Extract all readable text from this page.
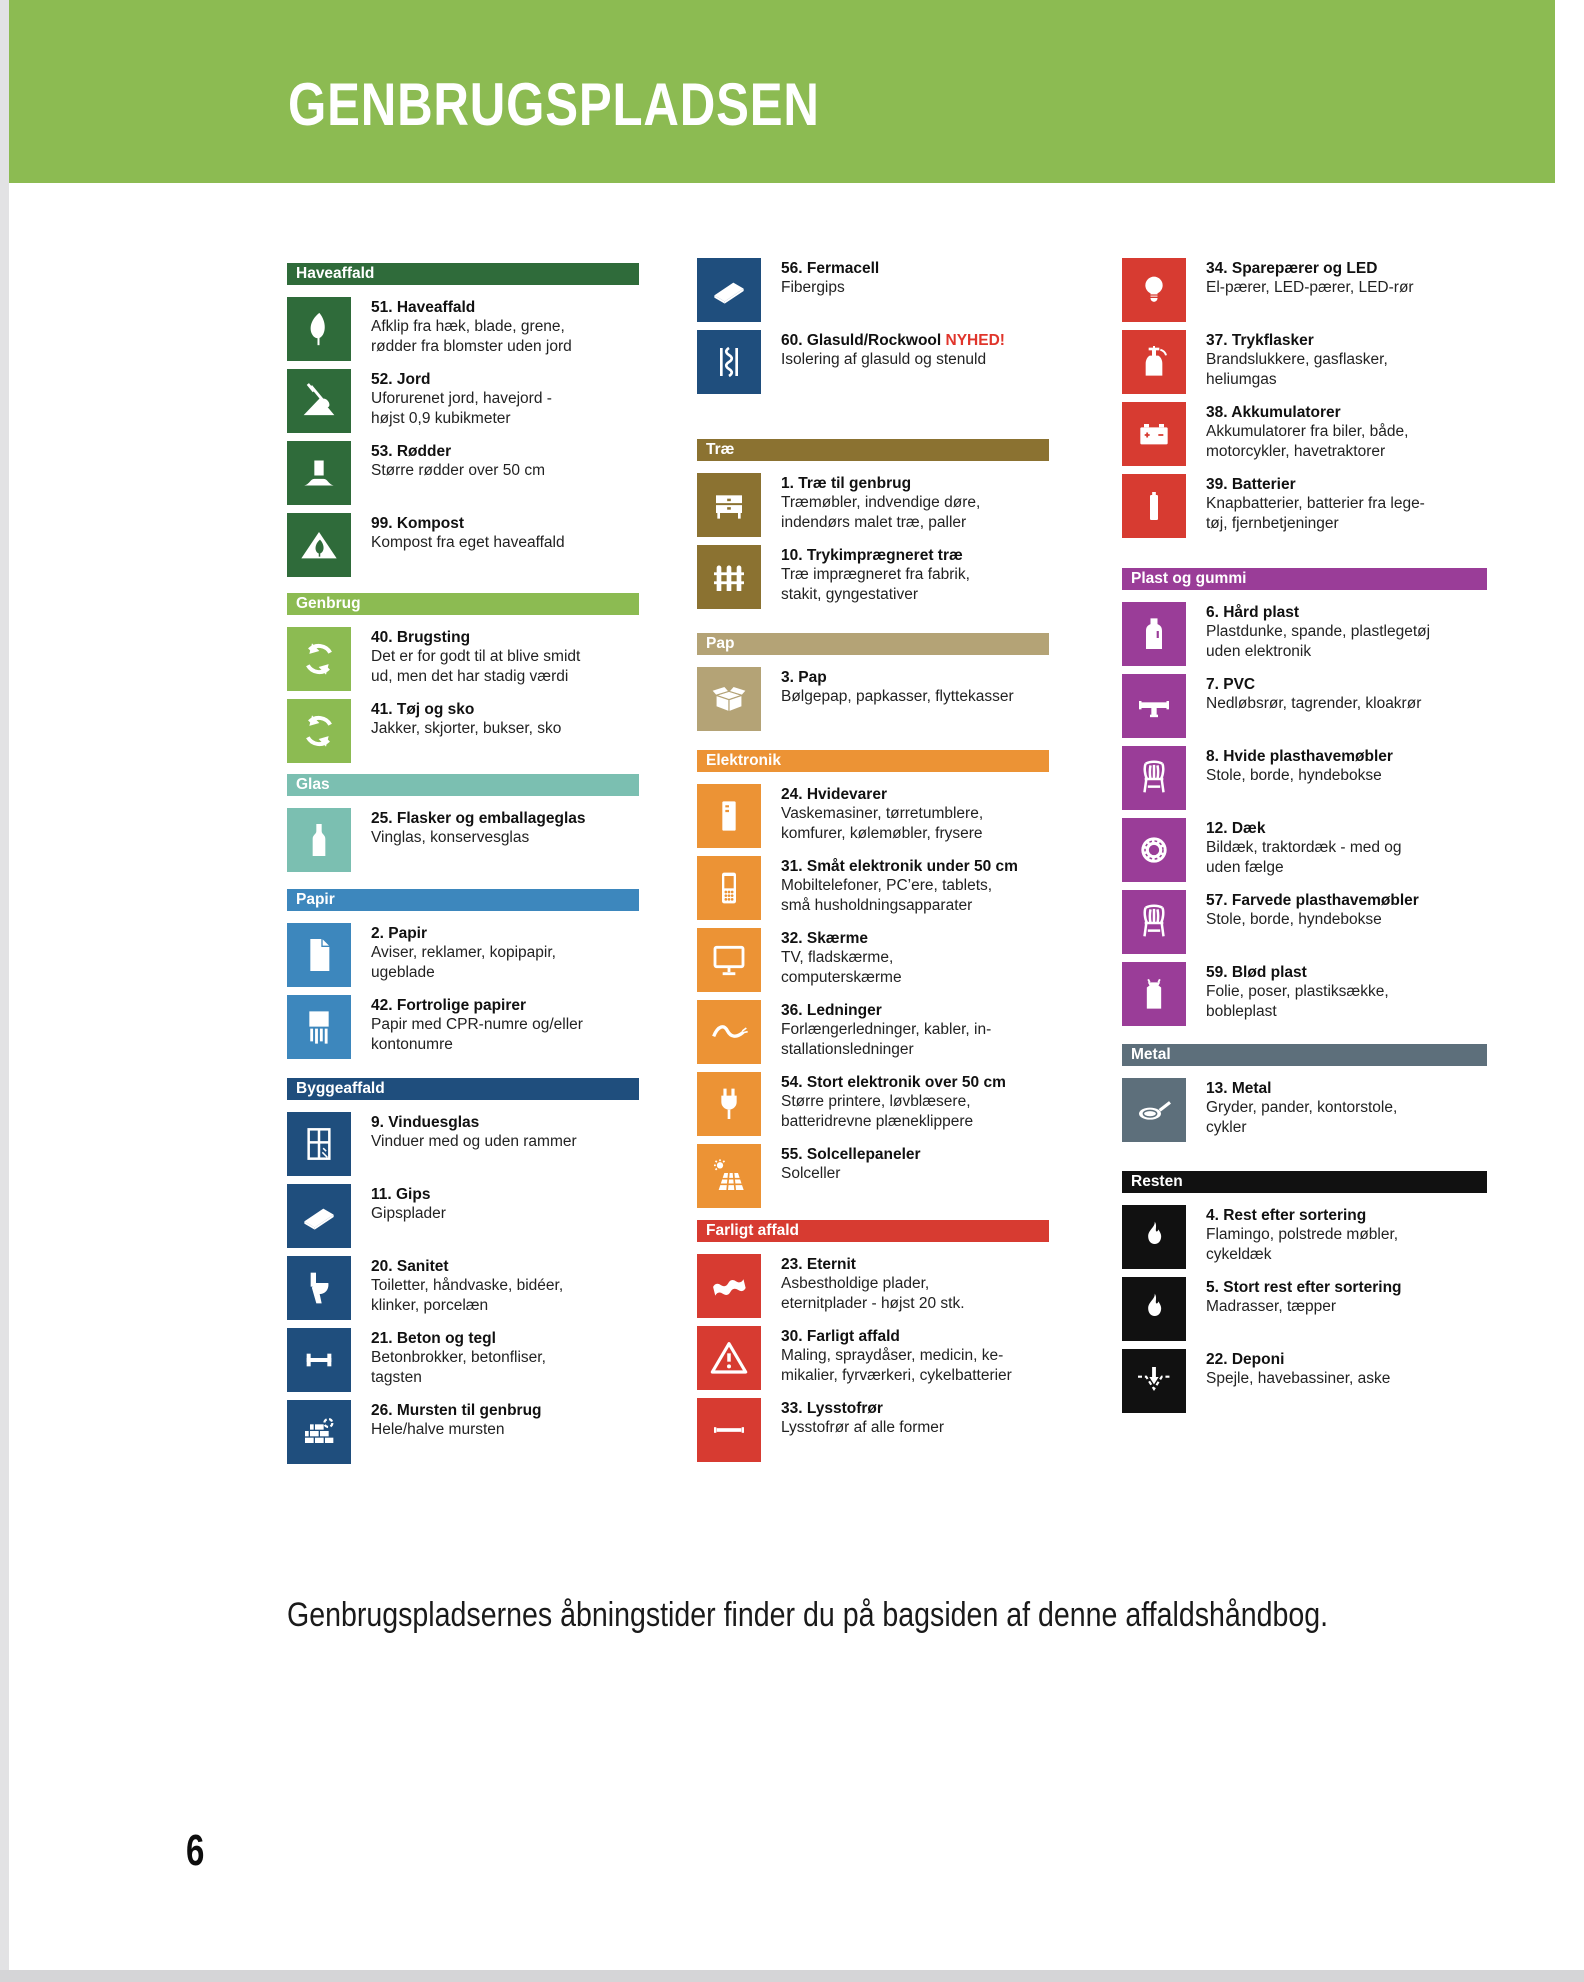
GENBRUGSPLADSEN
Haveaffald
51. Haveaffald
Afklip fra hæk, blade, grene,
rødder fra blomster uden jord
52. Jord
Uforurenet jord, havejord -
højst 0,9 kubikmeter
53. Rødder
Større rødder over 50 cm
99. Kompost
Kompost fra eget haveaffald
Genbrug
40. Brugsting
Det er for godt til at blive smidt
ud, men det har stadig værdi
41. Tøj og sko
Jakker, skjorter, bukser, sko
Glas
25. Flasker og emballageglas
Vinglas, konservesglas
Papir
2. Papir
Aviser, reklamer, kopipapir,
ugeblade
42. Fortrolige papirer
Papir med CPR-numre og/eller
kontonumre
Byggeaffald
9. Vinduesglas
Vinduer med og uden rammer
11. Gips
Gipsplader
20. Sanitet
Toiletter, håndvaske, bidéer,
klinker, porcelæn
21. Beton og tegl
Betonbrokker, betonfliser,
tagsten
26. Mursten til genbrug
Hele/halve mursten
56. Fermacell
Fibergips
60. Glasuld/Rockwool NYHED!
Isolering af glasuld og stenuld
Træ
1. Træ til genbrug
Træmøbler, indvendige døre,
indendørs malet træ, paller
10. Trykimprægneret træ
Træ imprægneret fra fabrik,
stakit, gyngestativer
Pap
3. Pap
Bølgepap, papkasser, flyttekasser
Elektronik
24. Hvidevarer
Vaskemasiner, tørretumblere,
komfurer, kølemøbler, frysere
31. Småt elektronik under 50 cm
Mobiltelefoner, PC’ere, tablets,
små husholdningsapparater
32. Skærme
TV, fladskærme,
computerskærme
36. Ledninger
Forlængerledninger, kabler, in-
stallationsledninger
54. Stort elektronik over 50 cm
Større printere, løvblæsere,
batteridrevne plæneklippere
55. Solcellepaneler
Solceller
Farligt affald
23. Eternit
Asbestholdige plader,
eternitplader - højst 20 stk.
30. Farligt affald
Maling, spraydåser, medicin, ke-
mikalier, fyrværkeri, cykelbatterier
33. Lysstofrør
Lysstofrør af alle former
34. Sparepærer og LED
El-pærer, LED-pærer, LED-rør
37. Trykflasker
Brandslukkere, gasflasker,
heliumgas
38. Akkumulatorer
Akkumulatorer fra biler, både,
motorcykler, havetraktorer
39. Batterier
Knapbatterier, batterier fra lege-
tøj, fjernbetjeninger
Plast og gummi
6. Hård plast
Plastdunke, spande, plastlegetøj
uden elektronik
7. PVC
Nedløbsrør, tagrender, kloakrør
8. Hvide plasthavemøbler
Stole, borde, hyndebokse
12. Dæk
Bildæk, traktordæk - med og
uden fælge
57. Farvede plasthavemøbler
Stole, borde, hyndebokse
59. Blød plast
Folie, poser, plastiksække,
bobleplast
Metal
13. Metal
Gryder, pander, kontorstole,
cykler
Resten
4. Rest efter sortering
Flamingo, polstrede møbler,
cykeldæk
5. Stort rest efter sortering
Madrasser, tæpper
22. Deponi
Spejle, havebassiner, aske
Genbrugspladsernes åbningstider finder du på bagsiden af denne affaldshåndbog.
6
